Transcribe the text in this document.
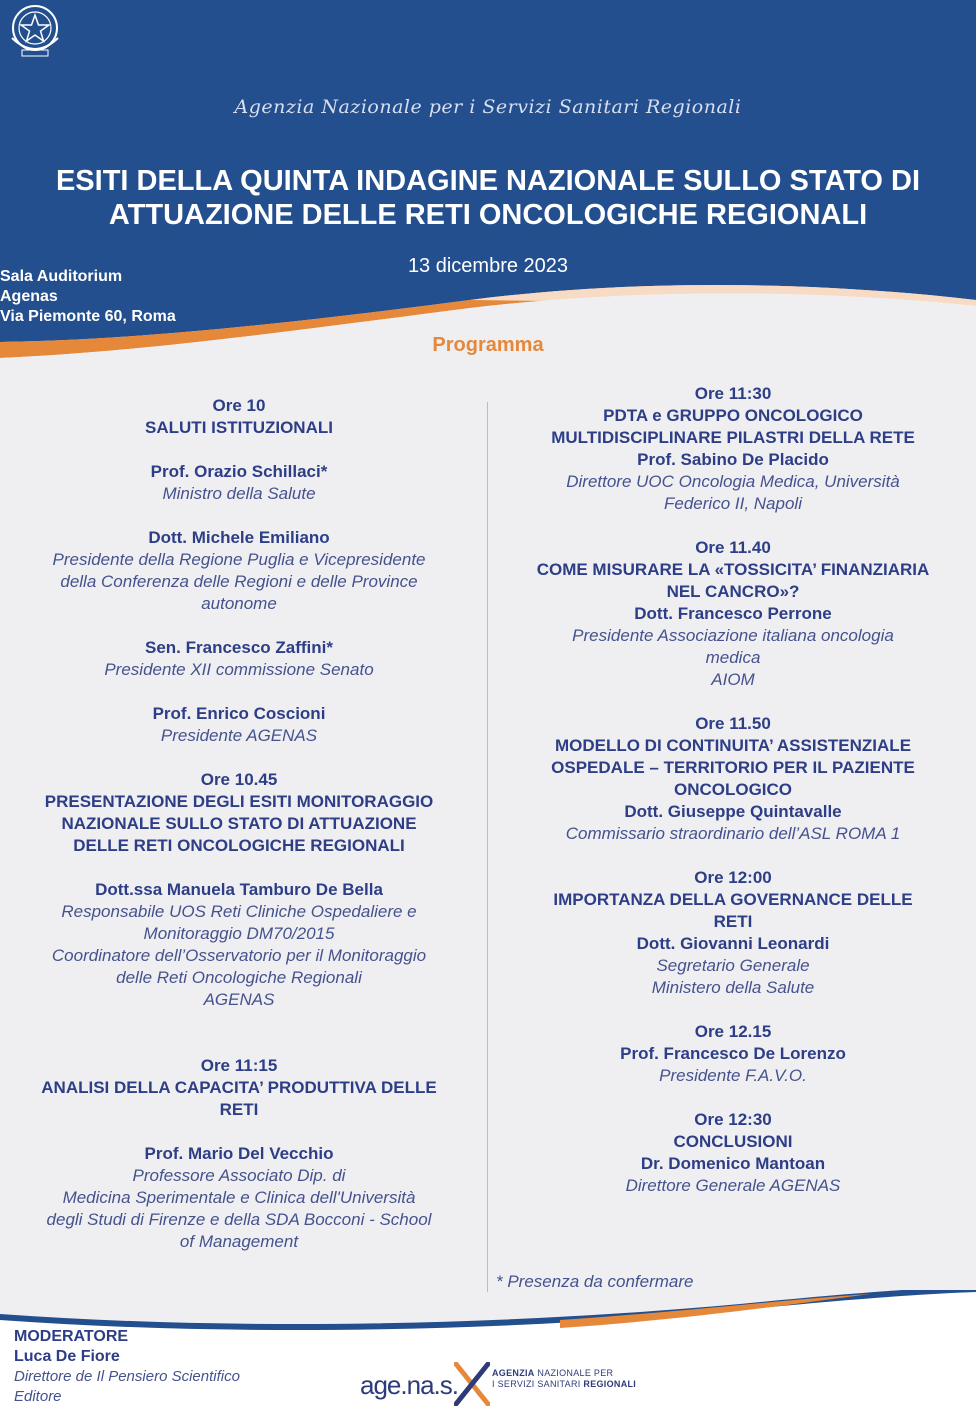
Agenzia Nazionale per i Servizi Sanitari Regionali
ESITI DELLA QUINTA INDAGINE NAZIONALE SULLO STATO DI
ATTUAZIONE DELLE RETI ONCOLOGICHE REGIONALI
13 dicembre 2023
Sala Auditorium
Agenas
Via Piemonte 60, Roma
Programma
Ore 10
SALUTI ISTITUZIONALI
Prof. Orazio Schillaci*
Ministro della Salute
Dott. Michele Emiliano
Presidente della Regione Puglia e Vicepresidente
della Conferenza delle Regioni e delle Province
autonome
Sen. Francesco Zaffini*
Presidente XII commissione Senato
Prof. Enrico Coscioni
Presidente AGENAS
Ore 10.45
PRESENTAZIONE DEGLI ESITI MONITORAGGIO
NAZIONALE SULLO STATO DI ATTUAZIONE
DELLE RETI ONCOLOGICHE REGIONALI
Dott.ssa Manuela Tamburo De Bella
Responsabile UOS Reti Cliniche Ospedaliere e
Monitoraggio DM70/2015
Coordinatore dell’Osservatorio per il Monitoraggio
delle Reti Oncologiche Regionali
AGENAS
Ore 11:15
ANALISI DELLA CAPACITA’ PRODUTTIVA DELLE
RETI
Prof. Mario Del Vecchio
Professore Associato Dip. di
Medicina Sperimentale e Clinica dell'Università
degli Studi di Firenze e della SDA Bocconi - School
of Management
Ore 11:30
PDTA e GRUPPO ONCOLOGICO
MULTIDISCIPLINARE PILASTRI DELLA RETE
Prof. Sabino De Placido
Direttore UOC Oncologia Medica, Università
Federico II, Napoli
Ore 11.40
COME MISURARE LA «TOSSICITA’ FINANZIARIA
NEL CANCRO»?
Dott. Francesco Perrone
Presidente Associazione italiana oncologia
medica
AIOM
Ore 11.50
MODELLO DI CONTINUITA’ ASSISTENZIALE
OSPEDALE – TERRITORIO PER IL PAZIENTE
ONCOLOGICO
Dott. Giuseppe Quintavalle
Commissario straordinario dell’ASL ROMA 1
Ore 12:00
IMPORTANZA DELLA GOVERNANCE DELLE
RETI
Dott. Giovanni Leonardi
Segretario Generale
Ministero della Salute
Ore 12.15
Prof. Francesco De Lorenzo
Presidente F.A.V.O.
Ore 12:30
CONCLUSIONI
Dr. Domenico Mantoan
Direttore Generale AGENAS
* Presenza da confermare
MODERATORE
Luca De Fiore
Direttore de Il Pensiero Scientifico
Editore	age.na.s.	AGENZIA NAZIONALE PER
I SERVIZI SANITARI REGIONALI
